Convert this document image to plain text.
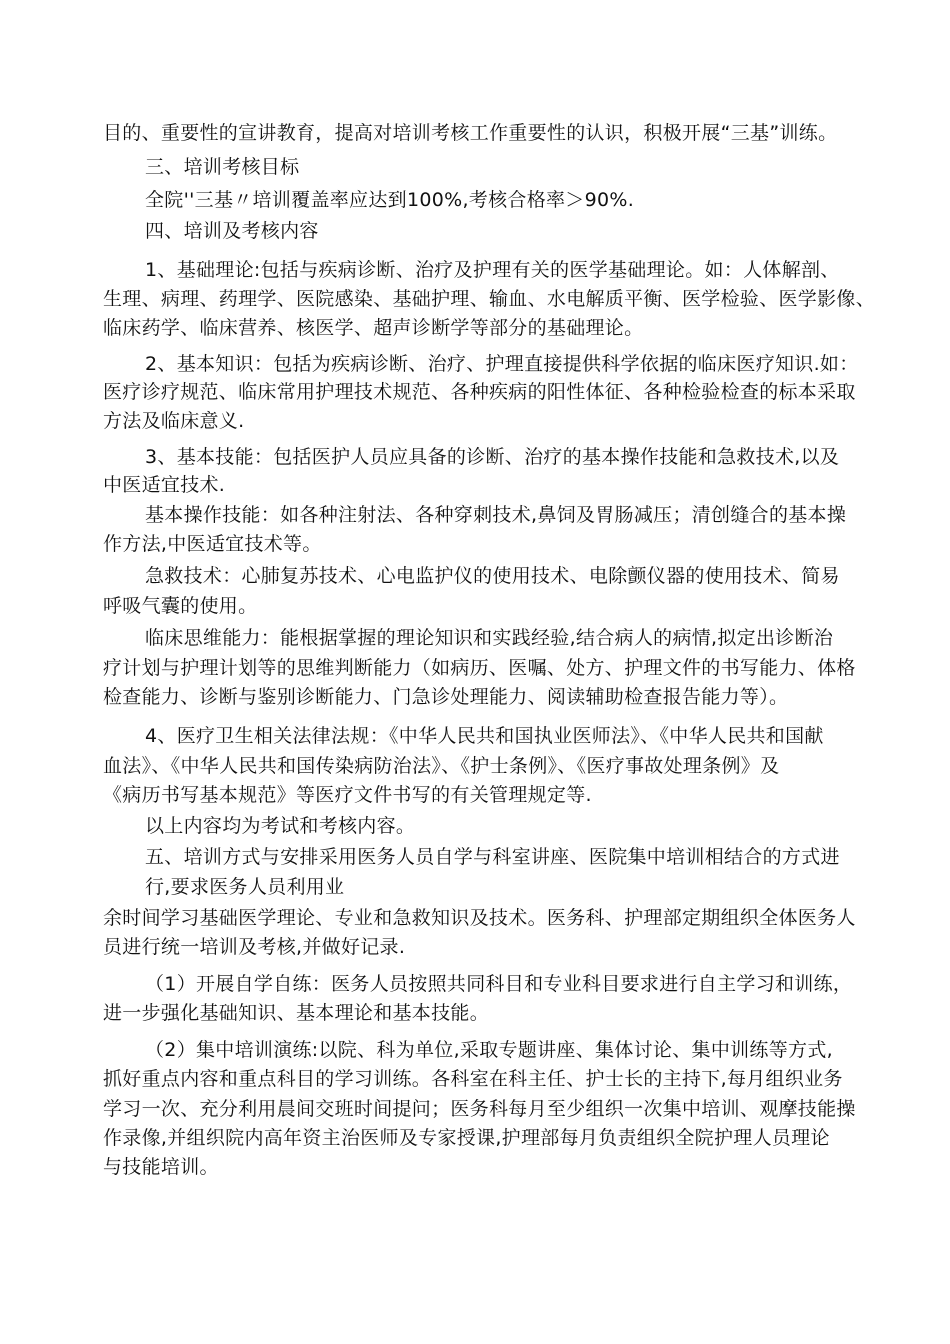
目的、重要性的宣讲教育，提高对培训考核工作重要性的认识，积极开展“三基”训练。

三、培训考核目标

全院''三基〃培训覆盖率应达到100%,考核合格率＞90%.

四、培训及考核内容

1、基础理论:包括与疾病诊断、治疗及护理有关的医学基础理论。如：人体解剖、

生理、病理、药理学、医院感染、基础护理、输血、水电解质平衡、医学检验、医学影像、

临床药学、临床营养、核医学、超声诊断学等部分的基础理论。

2、基本知识：包括为疾病诊断、治疗、护理直接提供科学依据的临床医疗知识.如：

医疗诊疗规范、临床常用护理技术规范、各种疾病的阳性体征、各种检验检查的标本采取

方法及临床意义.

3、基本技能：包括医护人员应具备的诊断、治疗的基本操作技能和急救技术,以及

中医适宜技术.

基本操作技能：如各种注射法、各种穿刺技术,鼻饲及胃肠减压；清创缝合的基本操

作方法,中医适宜技术等。

急救技术：心肺复苏技术、心电监护仪的使用技术、电除颤仪器的使用技术、简易

呼吸气囊的使用。

临床思维能力：能根据掌握的理论知识和实践经验,结合病人的病情,拟定出诊断治

疗计划与护理计划等的思维判断能力（如病历、医嘱、处方、护理文件的书写能力、体格

检查能力、诊断与鉴别诊断能力、门急诊处理能力、阅读辅助检查报告能力等）。

4、医疗卫生相关法律法规：《中华人民共和国执业医师法》、《中华人民共和国献

血法》、《中华人民共和国传染病防治法》、《护士条例》、《医疗事故处理条例》及

《病历书写基本规范》等医疗文件书写的有关管理规定等.

以上内容均为考试和考核内容。

五、培训方式与安排采用医务人员自学与科室讲座、医院集中培训相结合的方式进

行,要求医务人员利用业

余时间学习基础医学理论、专业和急救知识及技术。医务科、护理部定期组织全体医务人

员进行统一培训及考核,并做好记录.

（1）开展自学自练：医务人员按照共同科目和专业科目要求进行自主学习和训练，

进一步强化基础知识、基本理论和基本技能。

（2）集中培训演练:以院、科为单位,采取专题讲座、集体讨论、集中训练等方式,

抓好重点内容和重点科目的学习训练。各科室在科主任、护士长的主持下,每月组织业务

学习一次、充分利用晨间交班时间提问；医务科每月至少组织一次集中培训、观摩技能操

作录像,并组织院内高年资主治医师及专家授课,护理部每月负责组织全院护理人员理论

与技能培训。
